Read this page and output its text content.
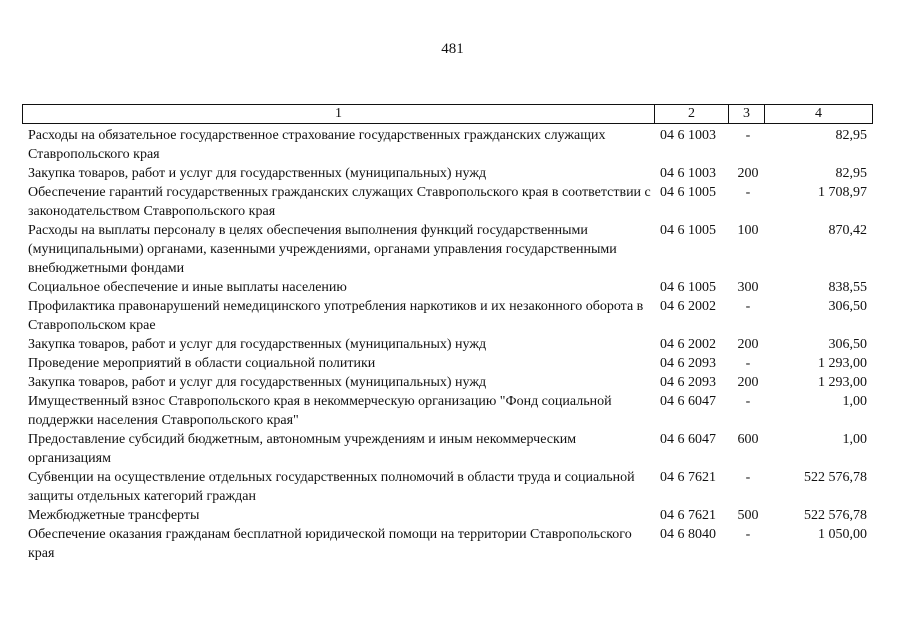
481
1	2	3	4
Расходы на обязательное государственное страхование государственных гражданских служащих Ставропольского края
04 6 1003	-	82,95
Закупка товаров, работ и услуг для государственных (муниципальных) нужд	04 6 1003	200	82,95
Обеспечение гарантий государственных гражданских служащих Ставропольского края в соответствии с законодательством Ставропольского края
04 6 1005	-	1 708,97
Расходы на выплаты персоналу в целях обеспечения выполнения функций государственными (муниципальными) органами, казенными учреждениями, органами управления государственными внебюджетными фондами
04 6 1005	100	870,42
Социальное обеспечение и иные выплаты населению	04 6 1005	300	838,55
Профилактика правонарушений немедицинского употребления наркотиков и их незаконного оборота в Ставропольском крае
04 6 2002	-	306,50
Закупка товаров, работ и услуг для государственных (муниципальных) нужд	04 6 2002	200	306,50
Проведение мероприятий в области социальной политики	04 6 2093	-	1 293,00
Закупка товаров, работ и услуг для государственных (муниципальных) нужд	04 6 2093	200	1 293,00
Имущественный взнос Ставропольского края в некоммерческую организацию "Фонд социальной поддержки населения Ставропольского края"
04 6 6047	-	1,00
Предоставление субсидий бюджетным, автономным учреждениям и иным некоммерческим организациям
04 6 6047	600	1,00
Субвенции на осуществление отдельных государственных полномочий в области труда и социальной защиты отдельных категорий граждан
04 6 7621	-	522 576,78
Межбюджетные трансферты	04 6 7621	500	522 576,78
Обеспечение оказания гражданам бесплатной юридической помощи на территории Ставропольского края
04 6 8040	-	1 050,00
